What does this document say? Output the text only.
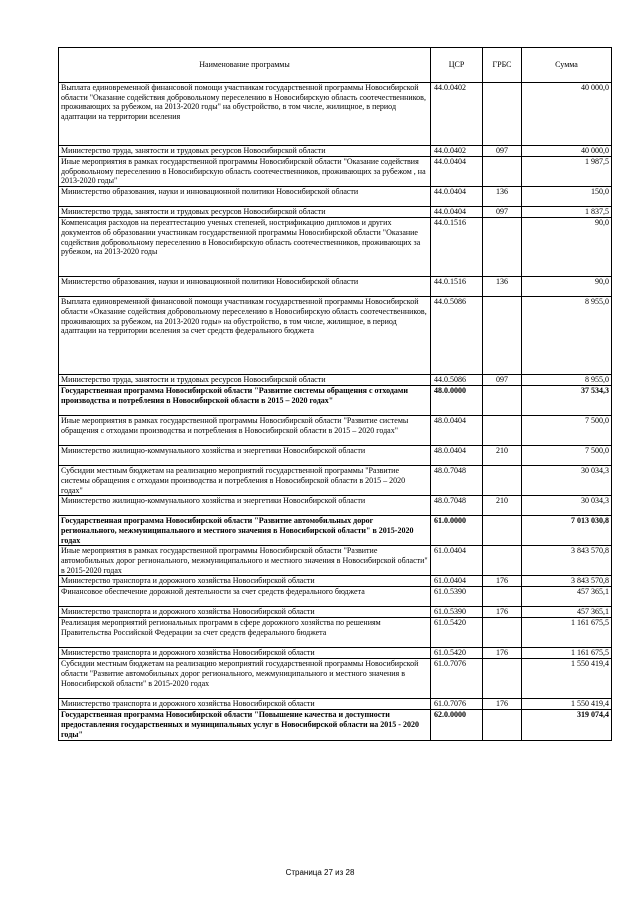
Наименование программы	ЦСР	ГРБС	Сумма
Выплата единовременной финансовой помощи участникам государственной программы Новосибирской области "Оказание содействия добровольному переселению в Новосибирскую область соотечественников, проживающих за рубежом, на 2013-2020 годы" на обустройство, в том числе, жилищное, в период адаптации на территории вселения	44.0.0402		40 000,0
Министерство труда, занятости и трудовых ресурсов Новосибирской области	44.0.0402	097	40 000,0
Иные мероприятия в рамках государственной программы Новосибирской области "Оказание содействия добровольному переселению в Новосибирскую область соотечественников, проживающих за рубежом , на 2013-2020 годы"	44.0.0404		1 987,5
Министерство образования, науки и инновационной политики Новосибирской области	44.0.0404	136	150,0
Министерство труда, занятости и трудовых ресурсов Новосибирской области	44.0.0404	097	1 837,5
Компенсация расходов на переаттестацию ученых степеней, нострификацию дипломов и других документов об образовании участникам государственной программы Новосибирской области "Оказание содействия добровольному переселению в Новосибирскую область соотечественников, проживающих за рубежом, на 2013-2020 годы	44.0.1516		90,0
Министерство образования, науки и инновационной политики Новосибирской области	44.0.1516	136	90,0
Выплата единовременной финансовой помощи участникам государственной программы Новосибирской области «Оказание содействия добровольному переселению в Новосибирскую область соотечественников, проживающих за рубежом, на 2013-2020 годы» на обустройство, в том числе, жилищное, в период адаптации на территории вселения за счет средств федерального бюджета	44.0.5086		8 955,0
Министерство труда, занятости и трудовых ресурсов Новосибирской области	44.0.5086	097	8 955,0
Государственная программа Новосибирской области "Развитие системы обращения с отходами производства и потребления в Новосибирской области в 2015 – 2020 годах"	48.0.0000		37 534,3
Иные мероприятия в рамках государственной программы Новосибирской области "Развитие системы обращения с отходами производства и потребления в Новосибирской области в 2015 – 2020 годах"	48.0.0404		7 500,0
Министерство жилищно-коммунального хозяйства и энергетики Новосибирской области	48.0.0404	210	7 500,0
Субсидии местным бюджетам на реализацию мероприятий государственной программы "Развитие системы обращения с отходами производства и потребления в Новосибирской области в 2015 – 2020 годах"	48.0.7048		30 034,3
Министерство жилищно-коммунального хозяйства и энергетики Новосибирской области	48.0.7048	210	30 034,3
Государственная программа Новосибирской области "Развитие автомобильных дорог регионального, межмуниципального и местного значения в Новосибирской области" в 2015-2020 годах	61.0.0000		7 013 030,8
Иные мероприятия в рамках государственной программы Новосибирской области "Развитие автомобильных дорог регионального, межмуниципального и местного значения в Новосибирской области" в 2015-2020 годах	61.0.0404		3 843 570,8
Министерство транспорта и дорожного хозяйства Новосибирской области	61.0.0404	176	3 843 570,8
Финансовое обеспечение дорожной деятельности за счет средств федерального бюджета	61.0.5390		457 365,1
Министерство транспорта и дорожного хозяйства Новосибирской области	61.0.5390	176	457 365,1
Реализация мероприятий региональных программ в сфере дорожного хозяйства по решениям Правительства Российской Федерации за счет средств федерального бюджета	61.0.5420		1 161 675,5
Министерство транспорта и дорожного хозяйства Новосибирской области	61.0.5420	176	1 161 675,5
Субсидии местным бюджетам на реализацию мероприятий государственной программы Новосибирской области "Развитие автомобильных дорог регионального, межмуниципального и местного значения в Новосибирской области" в 2015-2020 годах	61.0.7076		1 550 419,4
Министерство транспорта и дорожного хозяйства Новосибирской области	61.0.7076	176	1 550 419,4
Государственная программа Новосибирской области "Повышение качества и доступности предоставления государственных и муниципальных услуг в Новосибирской области на 2015 - 2020 годы"	62.0.0000		319 074,4
Страница 27 из 28
